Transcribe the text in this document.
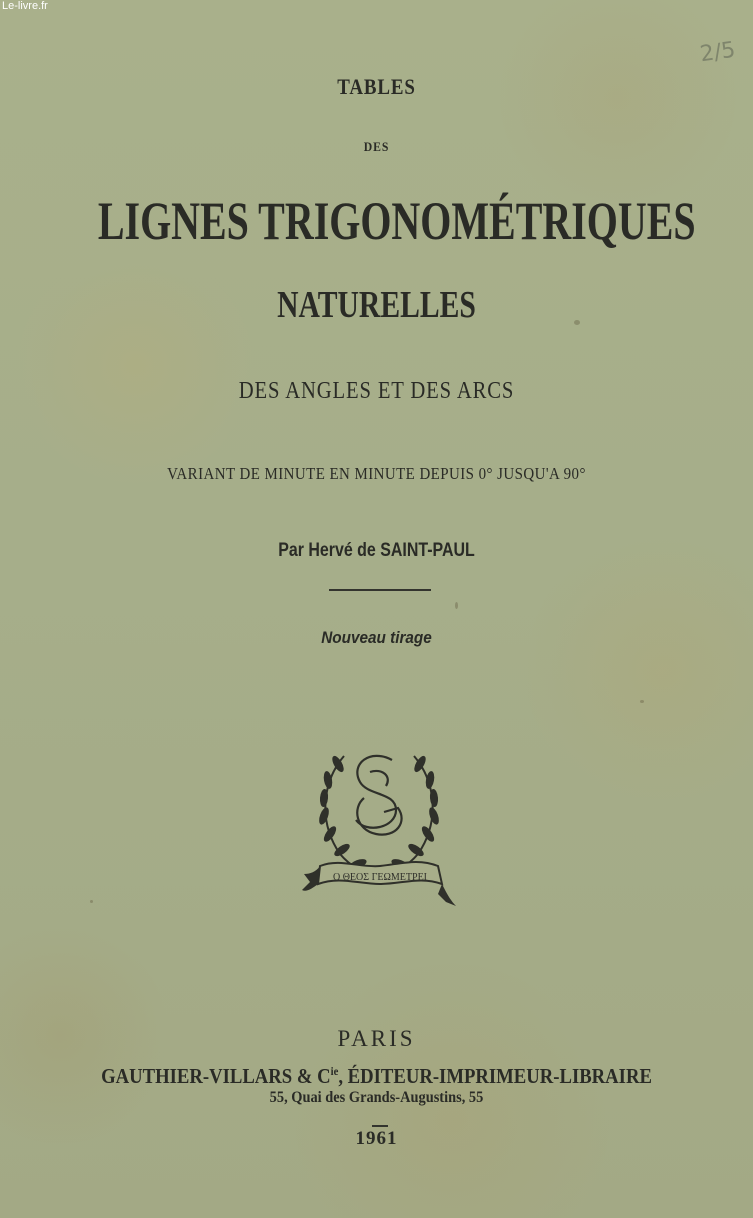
Le-livre.fr
2/5

TABLES

DES

LIGNES TRIGONOMÉTRIQUES

NATURELLES

DES ANGLES ET DES ARCS

VARIANT DE MINUTE EN MINUTE DEPUIS 0° JUSQU'A 90°

Par Hervé de SAINT-PAUL

Nouveau tirage

Ο ΘΕΟΣ ΓΕΩΜΕΤΡΕΙ

PARIS

GAUTHIER-VILLARS & $C^{ie}$, ÉDITEUR-IMPRIMEUR-LIBRAIRE

55, Quai des Grands-Augustins, 55

1961
